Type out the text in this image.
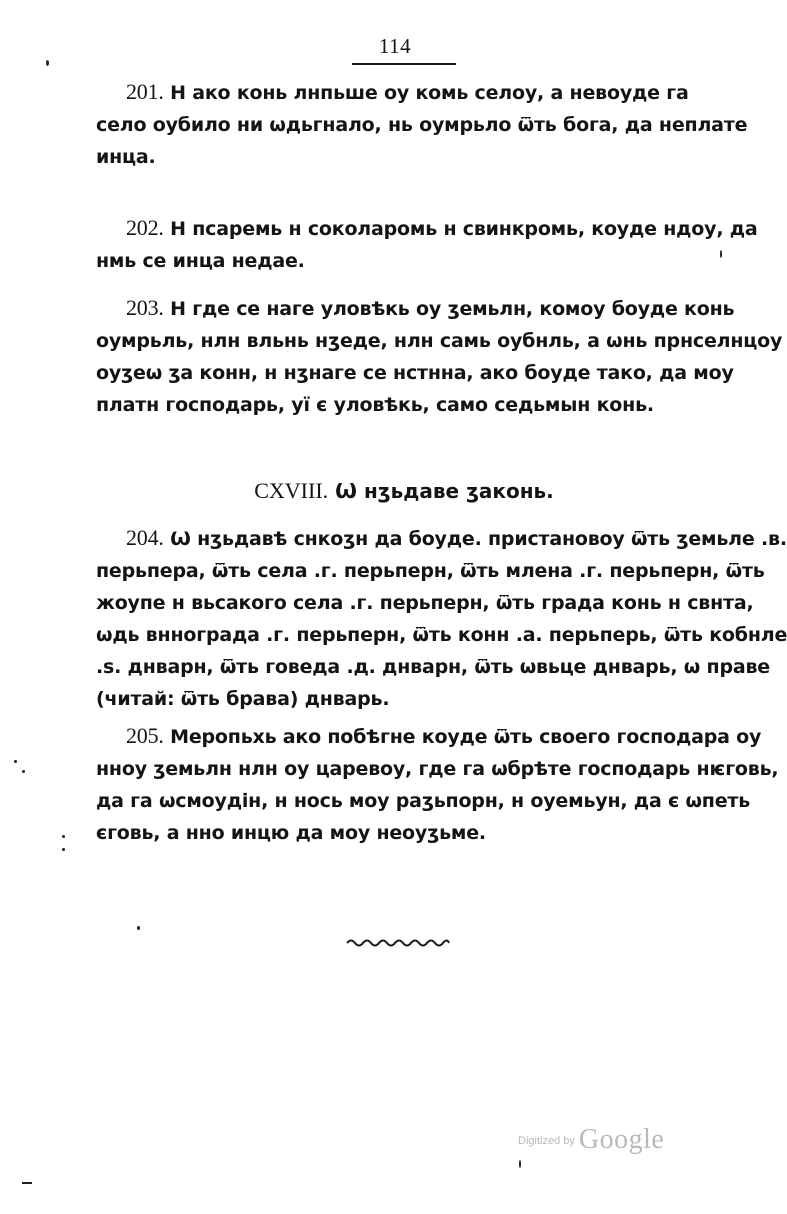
114
201. Н ако конь лнпьше оу комь селоу, а невоуде га
село оубило ни ѡдьгнало, нь оумрьло ѿть бога, да неплате
инца.
202. Н псаремь н соколаромь н свинкромь, коуде ндоу, да
нмь се инца недае.
203. Н где се наге уловѣкь оу ӡемьлн, комоу боуде конь
оумрьль, нлн вльнь нӡеде, нлн самь оубнль, а ѡнь прнселнцоу
оуӡеѡ ӡа конн, н нӡнаге се нстнна, ако боуде тако, да моу
платн господарь, уї є уловѣкь, само седьмын конь.
CXVIII. Ѡ нӡьдаве ӡаконь.
204. Ѡ нӡьдавѣ снкоӡн да боуде. пристановоу ѿть ӡемьле .в.
перьпера, ѿть села .г. перьперн, ѿть млена .г. перьперн, ѿть
жоупе н вьсакого села .г. перьперн, ѿть града конь н свнта,
ѡдь вннограда .г. перьперн, ѿть конн .а. перьперь, ѿть кобнле
.ѕ. днварн, ѿть говеда .д. днварн, ѿть ѡвьце днварь, ѡ праве
(читай: ѿть брава) днварь.
205. Меропьхь ако побѣгне коуде ѿть своего господара оу
нноу ӡемьлн нлн оу царевоу, где га ѡбрѣте господарь нѥговь,
да га ѡсмоудін, н нось моу раӡьпорн, н оуемьун, да є ѡпеть
єговь, а нно инцю да моу неоуӡьме.
$^{Digitized by}$ Google
